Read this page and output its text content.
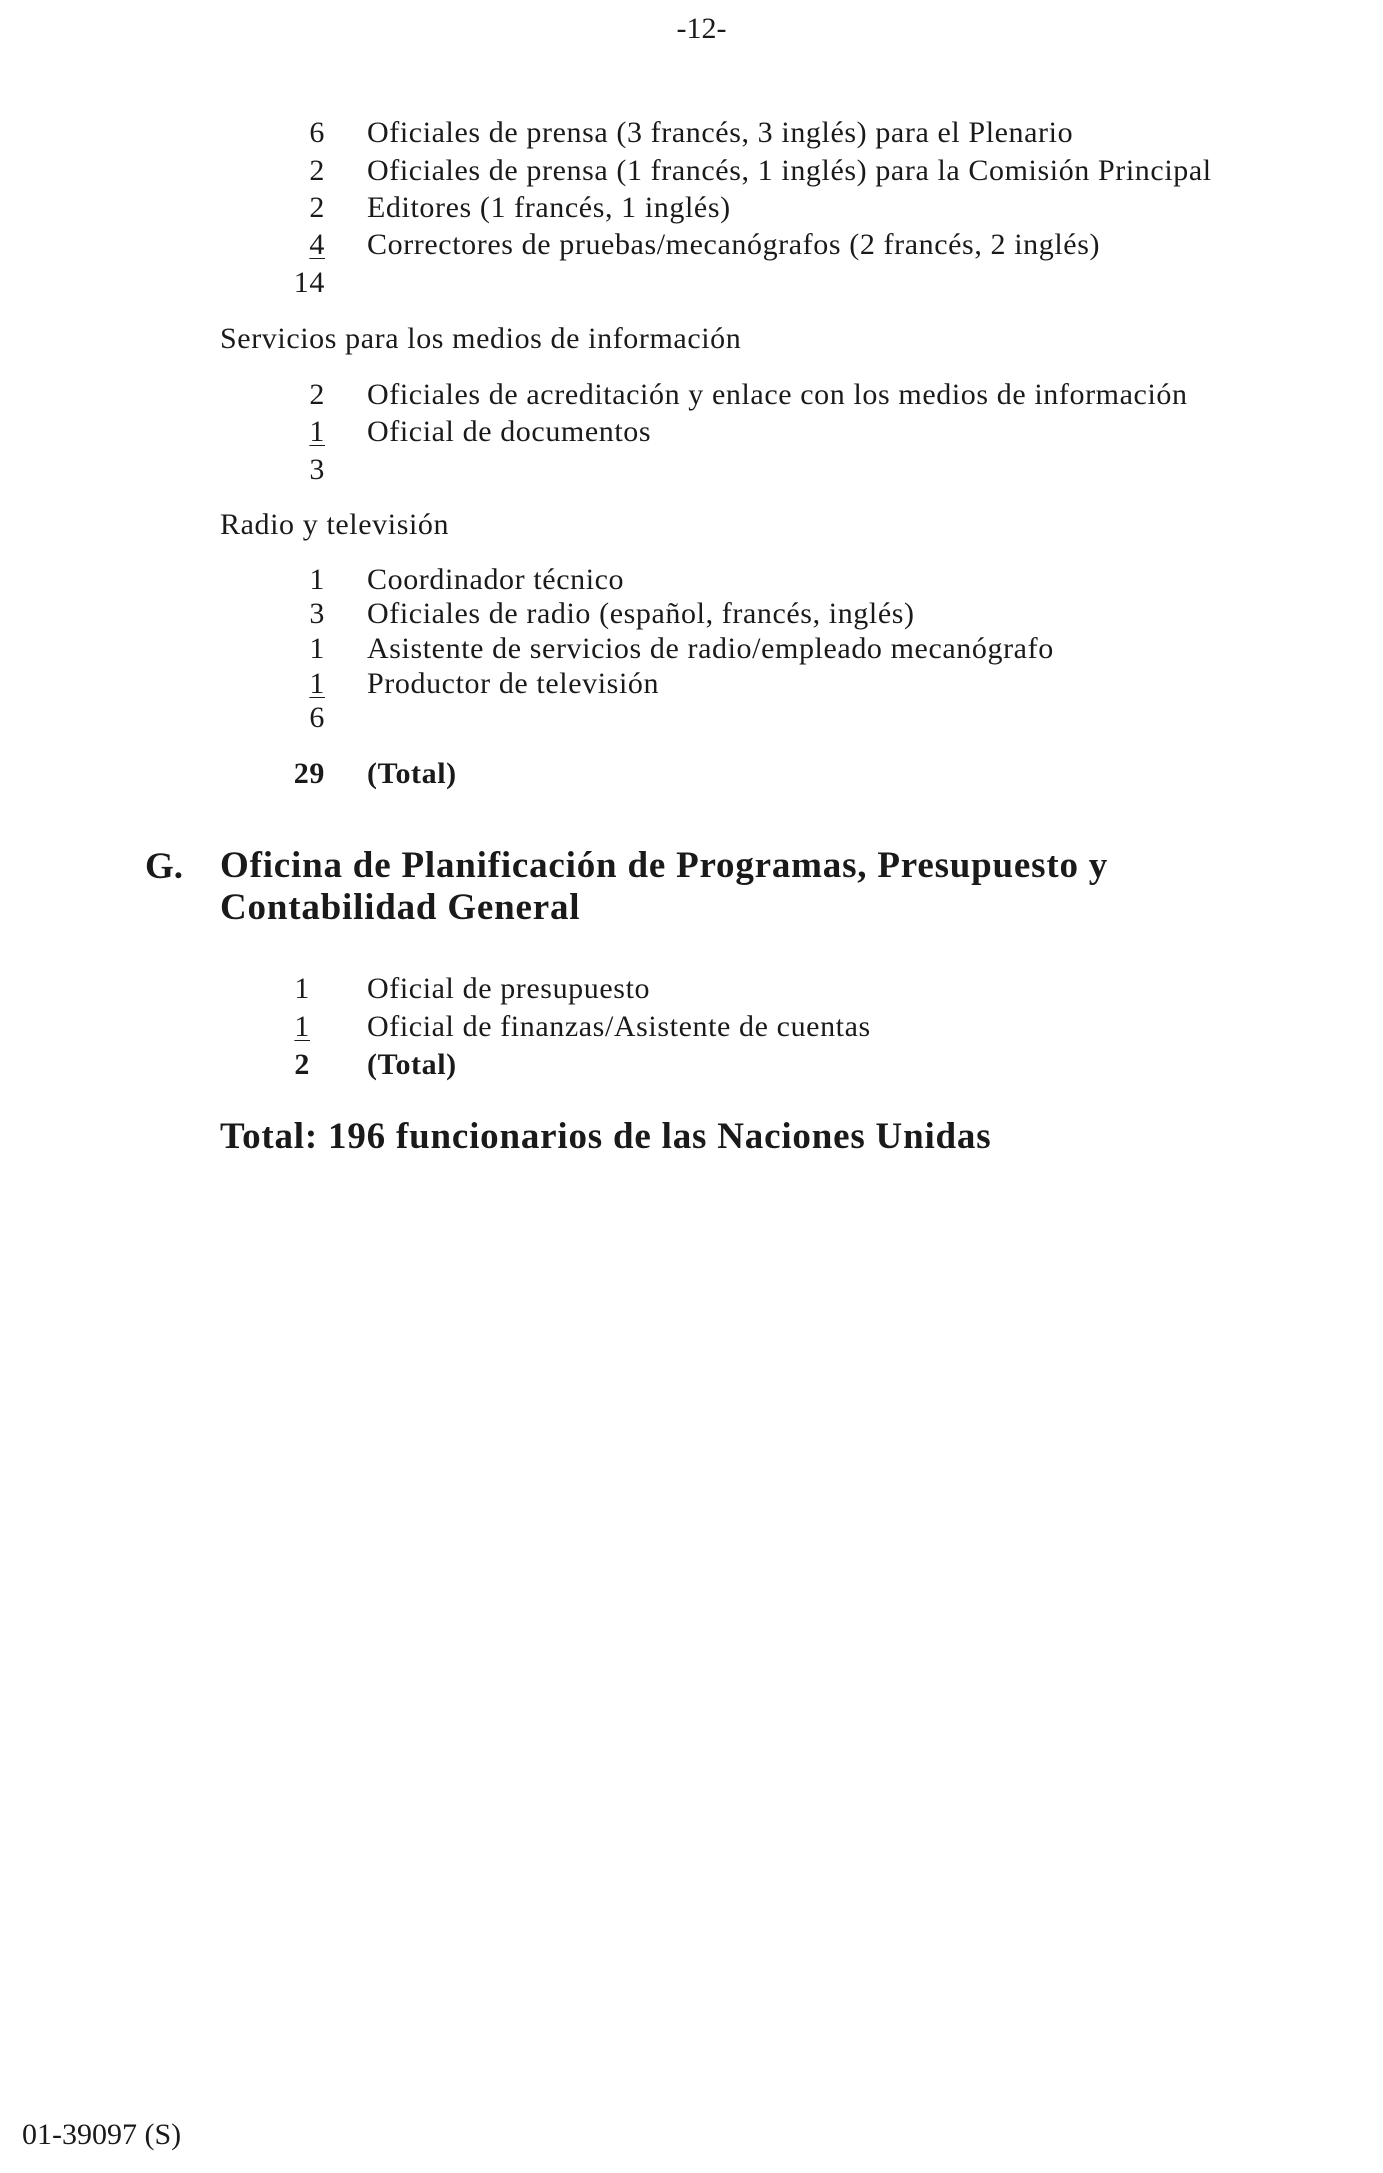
-12-
6 Oficiales de prensa (3 francés, 3 inglés) para el Plenario
2 Oficiales de prensa (1 francés, 1 inglés) para la Comisión Principal
2 Editores (1 francés, 1 inglés)
4 Correctores de pruebas/mecanógrafos (2 francés, 2 inglés)
14
Servicios para los medios de información
2 Oficiales de acreditación y enlace con los medios de información
1 Oficial de documentos
3
Radio y televisión
1 Coordinador técnico
3 Oficiales de radio (español, francés, inglés)
1 Asistente de servicios de radio/empleado mecanógrafo
1 Productor de televisión
6
29 (Total)
G. Oficina de Planificación de Programas, Presupuesto y
Contabilidad General
1 Oficial de presupuesto
1 Oficial de finanzas/Asistente de cuentas
2 (Total)
Total: 196 funcionarios de las Naciones Unidas
01-39097 (S)
